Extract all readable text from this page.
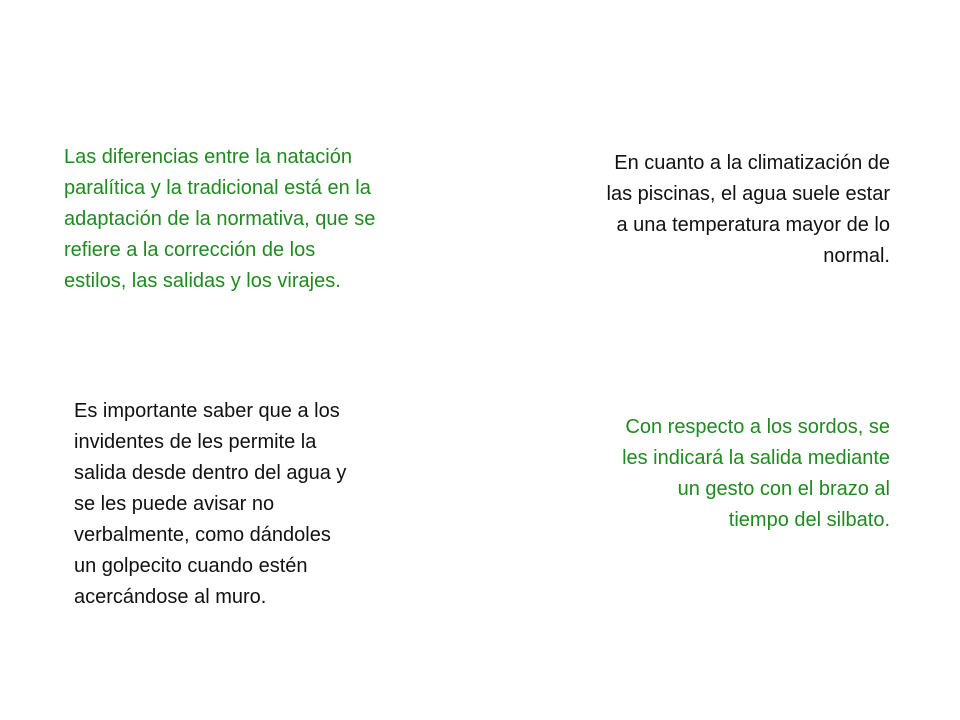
Las diferencias entre la natación
paralítica y la tradicional está en la
adaptación de la normativa, que se
refiere a la corrección de los
estilos, las salidas y los virajes.

En cuanto a la climatización de
las piscinas, el agua suele estar
a una temperatura mayor de lo
normal.

Es importante saber que a los
invidentes de les permite la
salida desde dentro del agua y
se les puede avisar no
verbalmente, como dándoles
un golpecito cuando estén
acercándose al muro.

Con respecto a los sordos, se
les indicará la salida mediante
un gesto con el brazo al
tiempo del silbato.
